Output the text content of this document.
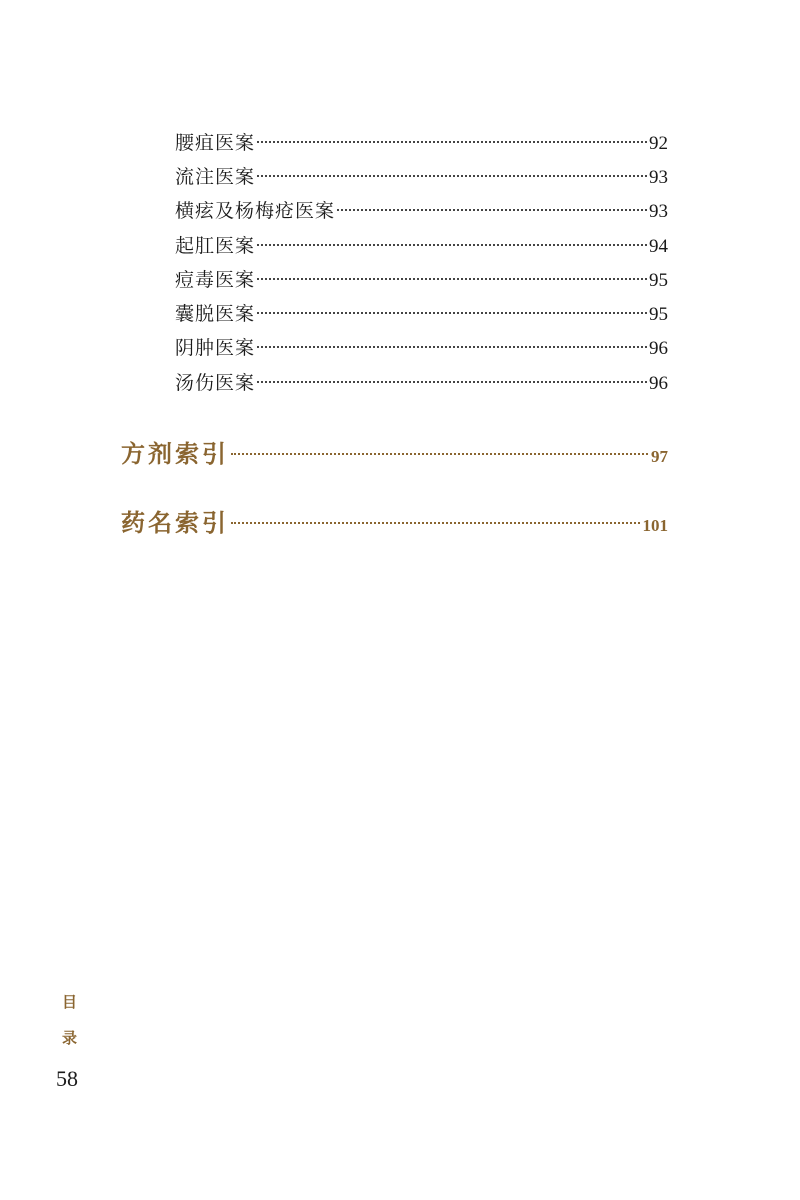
腰疽医案	92
流注医案	93
横痃及杨梅疮医案	93
起肛医案	94
痘毒医案	95
囊脱医案	95
阴肿医案	96
汤伤医案	96
方剂索引	97
药名索引	101
目
录
58
